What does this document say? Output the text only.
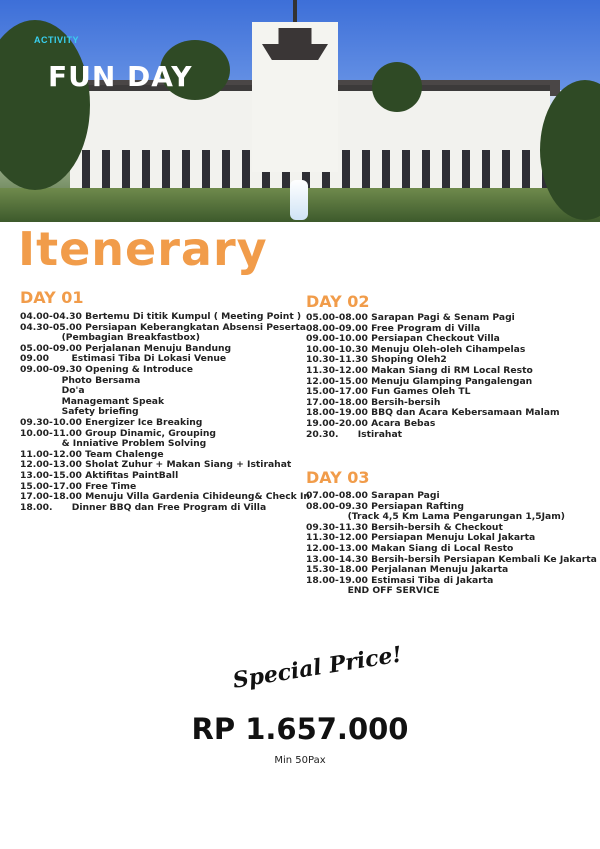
ACTIVITY
FUN DAY
Itenerary
DAY 01
04.00-04.30 Bertemu Di titik Kumpul ( Meeting Point )
04.30-05.00 Persiapan Keberangkatan Absensi Peserta
(Pembagian Breakfastbox)
05.00-09.00 Perjalanan Menuju Bandung
09.00       Estimasi Tiba Di Lokasi Venue
09.00-09.30 Opening & Introduce
Photo Bersama
Do'a
Managemant Speak
Safety briefing
09.30-10.00 Energizer Ice Breaking
10.00-11.00 Group Dinamic, Grouping
& Inniative Problem Solving
11.00-12.00 Team Chalenge
12.00-13.00 Sholat Zuhur + Makan Siang + Istirahat
13.00-15.00 Aktifitas PaintBall
15.00-17.00 Free Time
17.00-18.00 Menuju Villa Gardenia Cihideung& Check In
18.00.      Dinner BBQ dan Free Program di Villa
DAY 02
05.00-08.00 Sarapan Pagi & Senam Pagi
08.00-09.00 Free Program di Villa
09.00-10.00 Persiapan Checkout Villa
10.00-10.30 Menuju Oleh-oleh Cihampelas
10.30-11.30 Shoping Oleh2
11.30-12.00 Makan Siang di RM Local Resto
12.00-15.00 Menuju Glamping Pangalengan
15.00-17.00 Fun Games Oleh TL
17.00-18.00 Bersih-bersih
18.00-19.00 BBQ dan Acara Kebersamaan Malam
19.00-20.00 Acara Bebas
20.30.      Istirahat
DAY 03
07.00-08.00 Sarapan Pagi
08.00-09.30 Persiapan Rafting
(Track 4,5 Km Lama Pengarungan 1,5Jam)
09.30-11.30 Bersih-bersih & Checkout
11.30-12.00 Persiapan Menuju Lokal Jakarta
12.00-13.00 Makan Siang di Local Resto
13.00-14.30 Bersih-bersih Persiapan Kembali Ke Jakarta
15.30-18.00 Perjalanan Menuju Jakarta
18.00-19.00 Estimasi Tiba di Jakarta
END OFF SERVICE
Special Price!
RP 1.657.000
Min 50Pax
